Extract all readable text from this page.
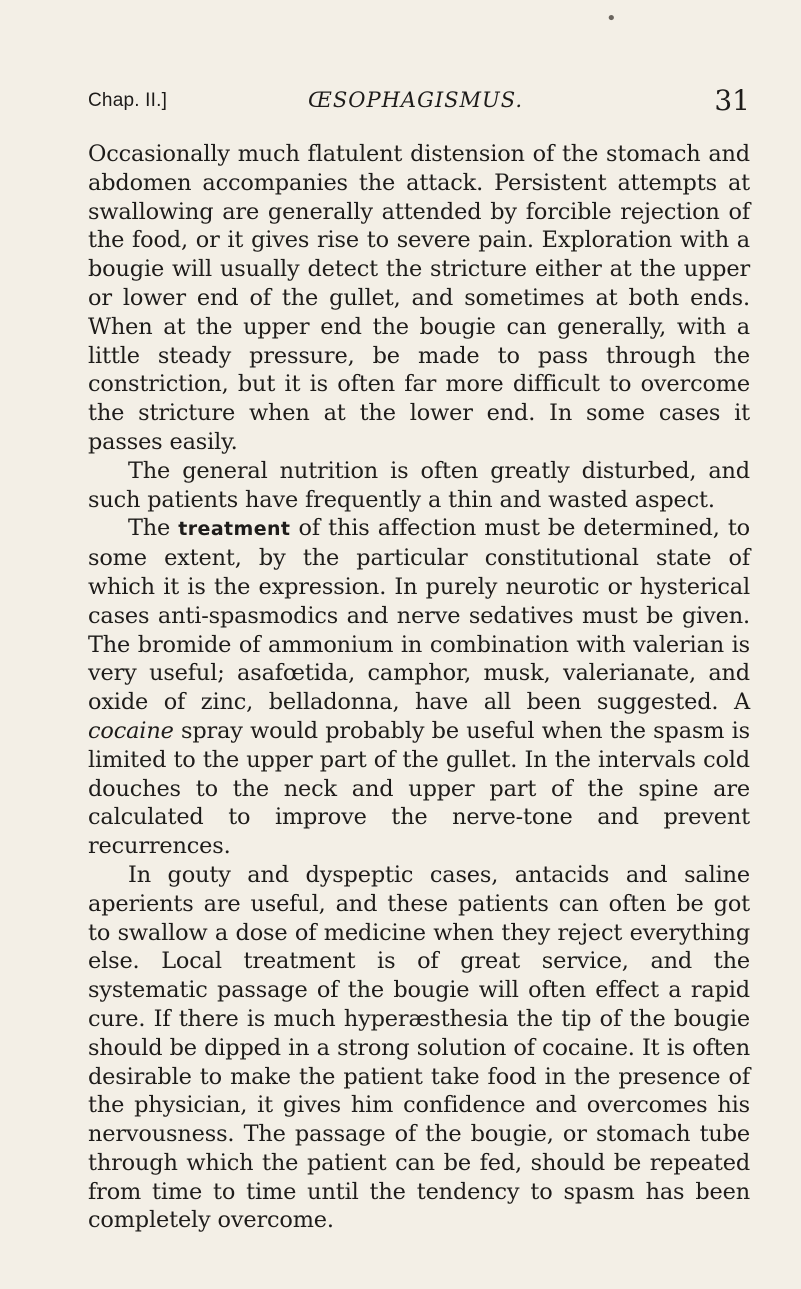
•
Chap. II.]	ŒSOPHAGISMUS.	31

Occasionally much flatulent distension of the stomach and abdomen accompanies the attack. Persistent attempts at swallowing are generally attended by forcible rejection of the food, or it gives rise to severe pain. Exploration with a bougie will usually detect the stricture either at the upper or lower end of the gullet, and sometimes at both ends. When at the upper end the bougie can generally, with a little steady pressure, be made to pass through the constriction, but it is often far more difficult to overcome the stricture when at the lower end. In some cases it passes easily.

The general nutrition is often greatly disturbed, and such patients have frequently a thin and wasted aspect.

The treatment of this affection must be determined, to some extent, by the particular constitutional state of which it is the expression. In purely neurotic or hysterical cases anti-spasmodics and nerve sedatives must be given. The bromide of ammonium in combination with valerian is very useful; asafœtida, camphor, musk, valerianate, and oxide of zinc, belladonna, have all been suggested. A cocaine spray would probably be useful when the spasm is limited to the upper part of the gullet. In the intervals cold douches to the neck and upper part of the spine are calculated to improve the nerve-tone and prevent recurrences.

In gouty and dyspeptic cases, antacids and saline aperients are useful, and these patients can often be got to swallow a dose of medicine when they reject everything else. Local treatment is of great service, and the systematic passage of the bougie will often effect a rapid cure. If there is much hyperæsthesia the tip of the bougie should be dipped in a strong solution of cocaine. It is often desirable to make the patient take food in the presence of the physician, it gives him confidence and overcomes his nervousness. The passage of the bougie, or stomach tube through which the patient can be fed, should be repeated from time to time until the tendency to spasm has been completely overcome.
